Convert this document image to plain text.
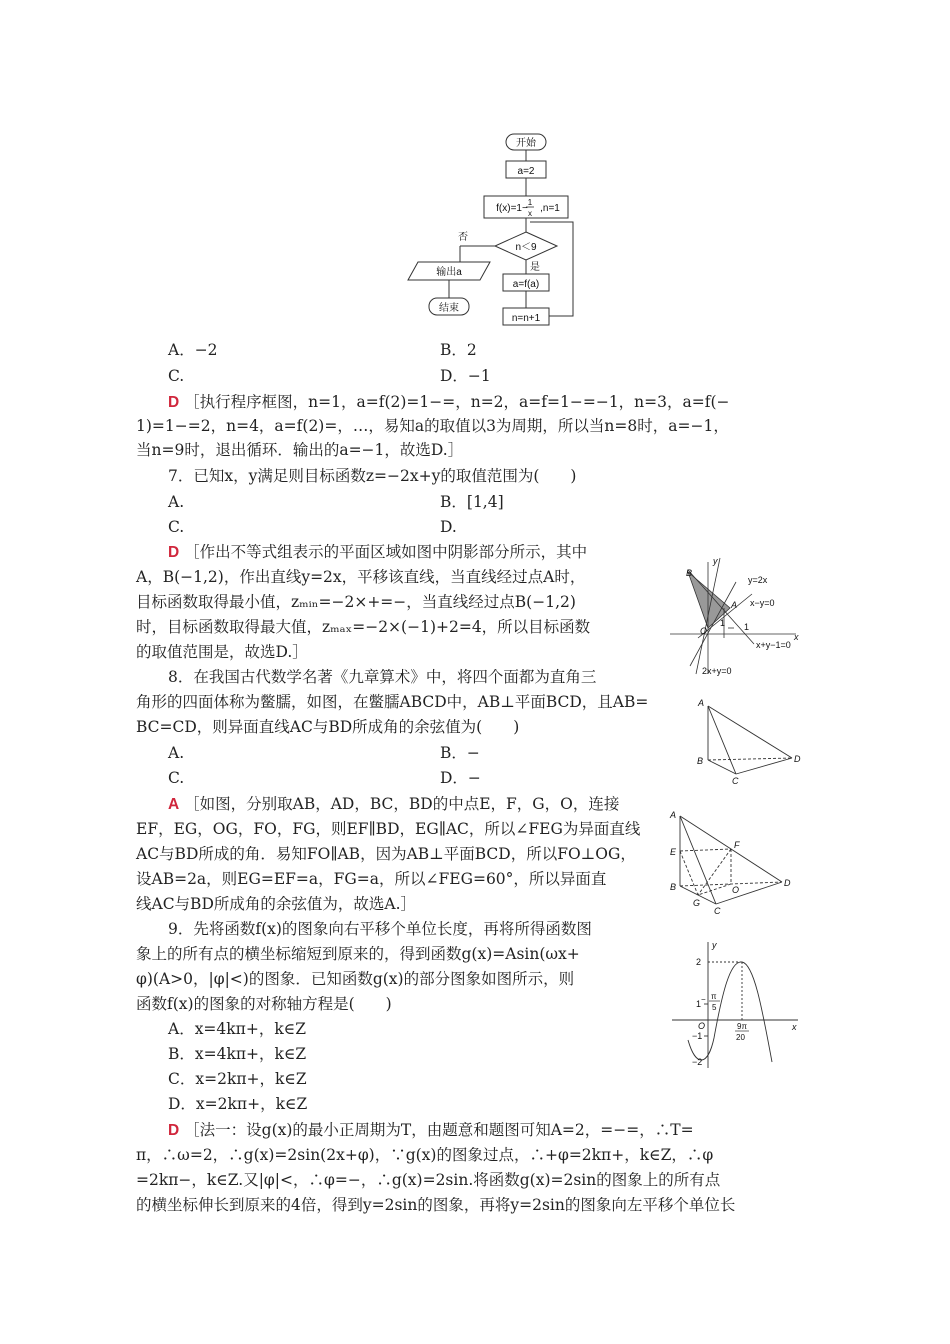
开始
a=2
f(x)=1−
1
x ,n=1
n＜9
否
是
输出a
结束
a=f(a)
n=n+1
A．−2	B．2
C.	D．−1
D ［执行程序框图，n=1，a=f(2)=1−=，n=2，a=f=1−=−1，n=3，a=f(−
1)=1−=2，n=4，a=f(2)=，…，易知a的取值以3为周期，所以当n=8时，a=−1，
当n=9时，退出循环．输出的a=−1，故选D.］
7．已知x，y满足则目标函数z=−2x+y的取值范围为(　　)
A.	B．[1,4]
C.	D.
D ［作出不等式组表示的平面区域如图中阴影部分所示，其中
A，B(−1,2)，作出直线y=2x，平移该直线，当直线经过点A时，
目标函数取得最小值，zₘᵢₙ=−2×+=−，当直线经过点B(−1,2)
时，目标函数取得最大值，zₘₐₓ=−2×(−1)+2=4，所以目标函数
的取值范围是，故选D.］
B
A
O
x
y
1 1
y=2x
x−y=0
x+y−1=0
2x+y=0
8．在我国古代数学名著《九章算术》中，将四个面都为直角三
角形的四面体称为鳖臑，如图，在鳖臑ABCD中，AB⊥平面BCD，且AB=
BC=CD，则异面直线AC与BD所成角的余弦值为(　　)
A.	B．−
C.	D．−
A ［如图，分别取AB，AD，BC，BD的中点E，F，G，O，连接
EF，EG，OG，FO，FG，则EF∥BD，EG∥AC，所以∠FEG为异面直线
AC与BD所成的角．易知FO∥AB，因为AB⊥平面BCD，所以FO⊥OG，
设AB=2a，则EG=EF=a，FG=a，所以∠FEG=60°，所以异面直
线AC与BD所成角的余弦值为，故选A.］
A
B
C
D
A
E
F
B
G
O
C
D
9．先将函数f(x)的图象向右平移个单位长度，再将所得函数图
象上的所有点的横坐标缩短到原来的，得到函数g(x)=Asin(ωx+
φ)(A>0，|φ|<)的图象．已知函数g(x)的部分图象如图所示，则
函数f(x)的图象的对称轴方程是(　　)
A．x=4kπ+，k∈Z
B．x=4kπ+，k∈Z
C．x=2kπ+，k∈Z
D．x=2kπ+，k∈Z
D ［法一：设g(x)的最小正周期为T，由题意和题图可知A=2，=−=，∴T=
π，∴ω=2，∴g(x)=2sin(2x+φ)，∵g(x)的图象过点，∴+φ=2kπ+，k∈Z，∴φ
=2kπ−，k∈Z.又|φ|<，∴φ=−，∴g(x)=2sin.将函数g(x)=2sin的图象上的所有点
的横坐标伸长到原来的4倍，得到y=2sin的图象，再将y=2sin的图象向左平移个单位长
y
x
O
2
1
−1
−2
π
5
−
9π
20
